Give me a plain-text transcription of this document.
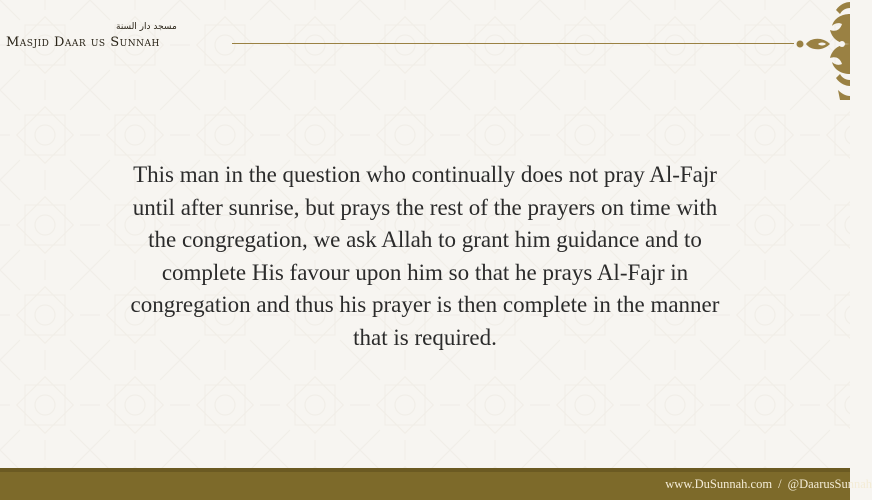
مسجد دار السنة
Masjid Daar us Sunnah
This man in the question who continually does not pray Al-Fajr
until after sunrise, but prays the rest of the prayers on time with
the congregation, we ask Allah to grant him guidance and to
complete His favour upon him so that he prays Al-Fajr in
congregation and thus his prayer is then complete in the manner
that is required.
www.DuSunnah.com / @DaarusSunnah
